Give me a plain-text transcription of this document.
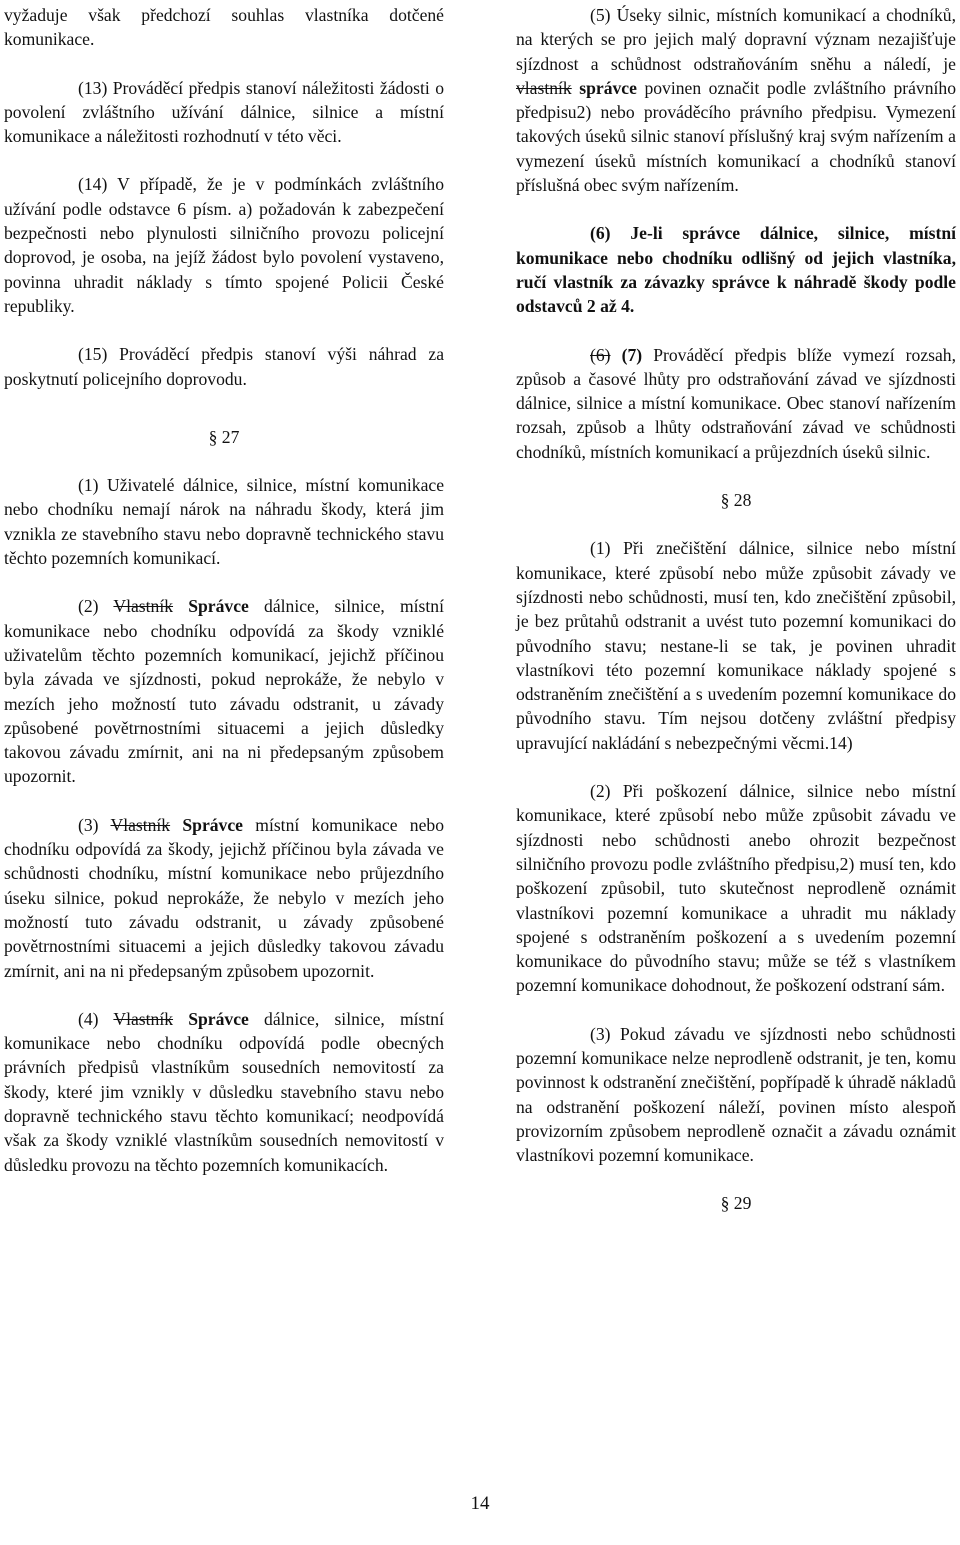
vyžaduje však předchozí souhlas vlastníka dotčené komunikace.

(13) Prováděcí předpis stanoví náležitosti žádosti o povolení zvláštního užívání dálnice, silnice a místní komunikace a náležitosti rozhodnutí v této věci.

(14) V případě, že je v podmínkách zvláštního užívání podle odstavce 6 písm. a) požadován k zabezpečení bezpečnosti nebo plynulosti silničního provozu policejní doprovod, je osoba, na jejíž žádost bylo povolení vystaveno, povinna uhradit náklady s tímto spojené Policii České republiky.

(15) Prováděcí předpis stanoví výši náhrad za poskytnutí policejního doprovodu.

§ 27

(1) Uživatelé dálnice, silnice, místní komunikace nebo chodníku nemají nárok na náhradu škody, která jim vznikla ze stavebního stavu nebo dopravně technického stavu těchto pozemních komunikací.

(2) Vlastník Správce dálnice, silnice, místní komunikace nebo chodníku odpovídá za škody vzniklé uživatelům těchto pozemních komunikací, jejichž příčinou byla závada ve sjízdnosti, pokud neprokáže, že nebylo v mezích jeho možností tuto závadu odstranit, u závady způsobené povětrnostními situacemi a jejich důsledky takovou závadu zmírnit, ani na ni předepsaným způsobem upozornit.

(3) Vlastník Správce místní komunikace nebo chodníku odpovídá za škody, jejichž příčinou byla závada ve schůdnosti chodníku, místní komunikace nebo průjezdního úseku silnice, pokud neprokáže, že nebylo v mezích jeho možností tuto závadu odstranit, u závady způsobené povětrnostními situacemi a jejich důsledky takovou závadu zmírnit, ani na ni předepsaným způsobem upozornit.

(4) Vlastník Správce dálnice, silnice, místní komunikace nebo chodníku odpovídá podle obecných právních předpisů vlastníkům sousedních nemovitostí za škody, které jim vznikly v důsledku stavebního stavu nebo dopravně technického stavu těchto komunikací; neodpovídá však za škody vzniklé vlastníkům sousedních nemovitostí v důsledku provozu na těchto pozemních komunikacích.

(5) Úseky silnic, místních komunikací a chodníků, na kterých se pro jejich malý dopravní význam nezajišťuje sjízdnost a schůdnost odstraňováním sněhu a náledí, je vlastník správce povinen označit podle zvláštního právního předpisu2) nebo prováděcího právního předpisu. Vymezení takových úseků silnic stanoví příslušný kraj svým nařízením a vymezení úseků místních komunikací a chodníků stanoví příslušná obec svým nařízením.

(6) Je-li správce dálnice, silnice, místní komunikace nebo chodníku odlišný od jejich vlastníka, ručí vlastník za závazky správce k náhradě škody podle odstavců 2 až 4.

(6) (7) Prováděcí předpis blíže vymezí rozsah, způsob a časové lhůty pro odstraňování závad ve sjízdnosti dálnice, silnice a místní komunikace. Obec stanoví nařízením rozsah, způsob a lhůty odstraňování závad ve schůdnosti chodníků, místních komunikací a průjezdních úseků silnic.

§ 28

(1) Při znečištění dálnice, silnice nebo místní komunikace, které způsobí nebo může způsobit závady ve sjízdnosti nebo schůdnosti, musí ten, kdo znečištění způsobil, je bez průtahů odstranit a uvést tuto pozemní komunikaci do původního stavu; nestane-li se tak, je povinen uhradit vlastníkovi této pozemní komunikace náklady spojené s odstraněním znečištění a s uvedením pozemní komunikace do původního stavu. Tím nejsou dotčeny zvláštní předpisy upravující nakládání s nebezpečnými věcmi.14)

(2) Při poškození dálnice, silnice nebo místní komunikace, které způsobí nebo může způsobit závadu ve sjízdnosti nebo schůdnosti anebo ohrozit bezpečnost silničního provozu podle zvláštního předpisu,2) musí ten, kdo poškození způsobil, tuto skutečnost neprodleně oznámit vlastníkovi pozemní komunikace a uhradit mu náklady spojené s odstraněním poškození a s uvedením pozemní komunikace do původního stavu; může se též s vlastníkem pozemní komunikace dohodnout, že poškození odstraní sám.

(3) Pokud závadu ve sjízdnosti nebo schůdnosti pozemní komunikace nelze neprodleně odstranit, je ten, komu povinnost k odstranění znečištění, popřípadě k úhradě nákladů na odstranění poškození náleží, povinen místo alespoň provizorním způsobem neprodleně označit a závadu oznámit vlastníkovi pozemní komunikace.

§ 29

14
